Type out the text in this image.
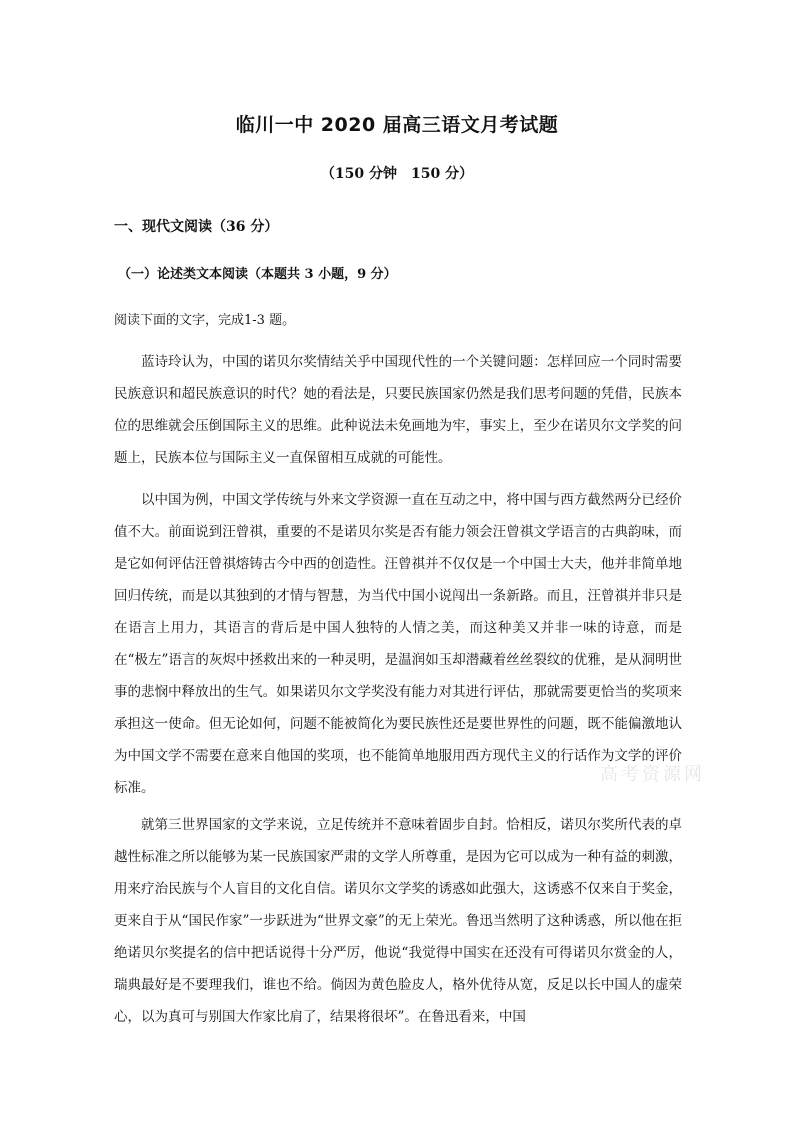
临川一中 2020 届高三语文月考试题
（150 分钟　150 分）
一、现代文阅读（36 分）
（一）论述类文本阅读（本题共 3 小题，9 分）
阅读下面的文字，完成1-3 题。

蓝诗玲认为，中国的诺贝尔奖情结关乎中国现代性的一个关键问题：怎样回应一个同时需要民族意识和超民族意识的时代？她的看法是，只要民族国家仍然是我们思考问题的凭借，民族本位的思维就会压倒国际主义的思维。此种说法未免画地为牢，事实上，至少在诺贝尔文学奖的问题上，民族本位与国际主义一直保留相互成就的可能性。

以中国为例，中国文学传统与外来文学资源一直在互动之中，将中国与西方截然两分已经价值不大。前面说到汪曾祺，重要的不是诺贝尔奖是否有能力领会汪曾祺文学语言的古典韵味，而是它如何评估汪曾祺熔铸古今中西的创造性。汪曾祺并不仅仅是一个中国士大夫，他并非简单地回归传统，而是以其独到的才情与智慧，为当代中国小说闯出一条新路。而且，汪曾祺并非只是在语言上用力，其语言的背后是中国人独特的人情之美，而这种美又并非一味的诗意，而是在“极左”语言的灰烬中拯救出来的一种灵明，是温润如玉却潜藏着丝丝裂纹的优雅，是从洞明世事的悲悯中释放出的生气。如果诺贝尔文学奖没有能力对其进行评估，那就需要更恰当的奖项来承担这一使命。但无论如何，问题不能被简化为要民族性还是要世界性的问题，既不能偏激地认为中国文学不需要在意来自他国的奖项，也不能简单地服用西方现代主义的行话作为文学的评价标准。

就第三世界国家的文学来说，立足传统并不意味着固步自封。恰相反，诺贝尔奖所代表的卓越性标准之所以能够为某一民族国家严肃的文学人所尊重，是因为它可以成为一种有益的刺激，用来疗治民族与个人盲目的文化自信。诺贝尔文学奖的诱惑如此强大，这诱惑不仅来自于奖金，更来自于从“国民作家”一步跃进为“世界文豪”的无上荣光。鲁迅当然明了这种诱惑，所以他在拒绝诺贝尔奖提名的信中把话说得十分严厉，他说“我觉得中国实在还没有可得诺贝尔赏金的人，瑞典最好是不要理我们，谁也不给。倘因为黄色脸皮人，格外优待从宽，反足以长中国人的虚荣心，以为真可与别国大作家比肩了，结果将很坏”。在鲁迅看来，中国

高考资源网
